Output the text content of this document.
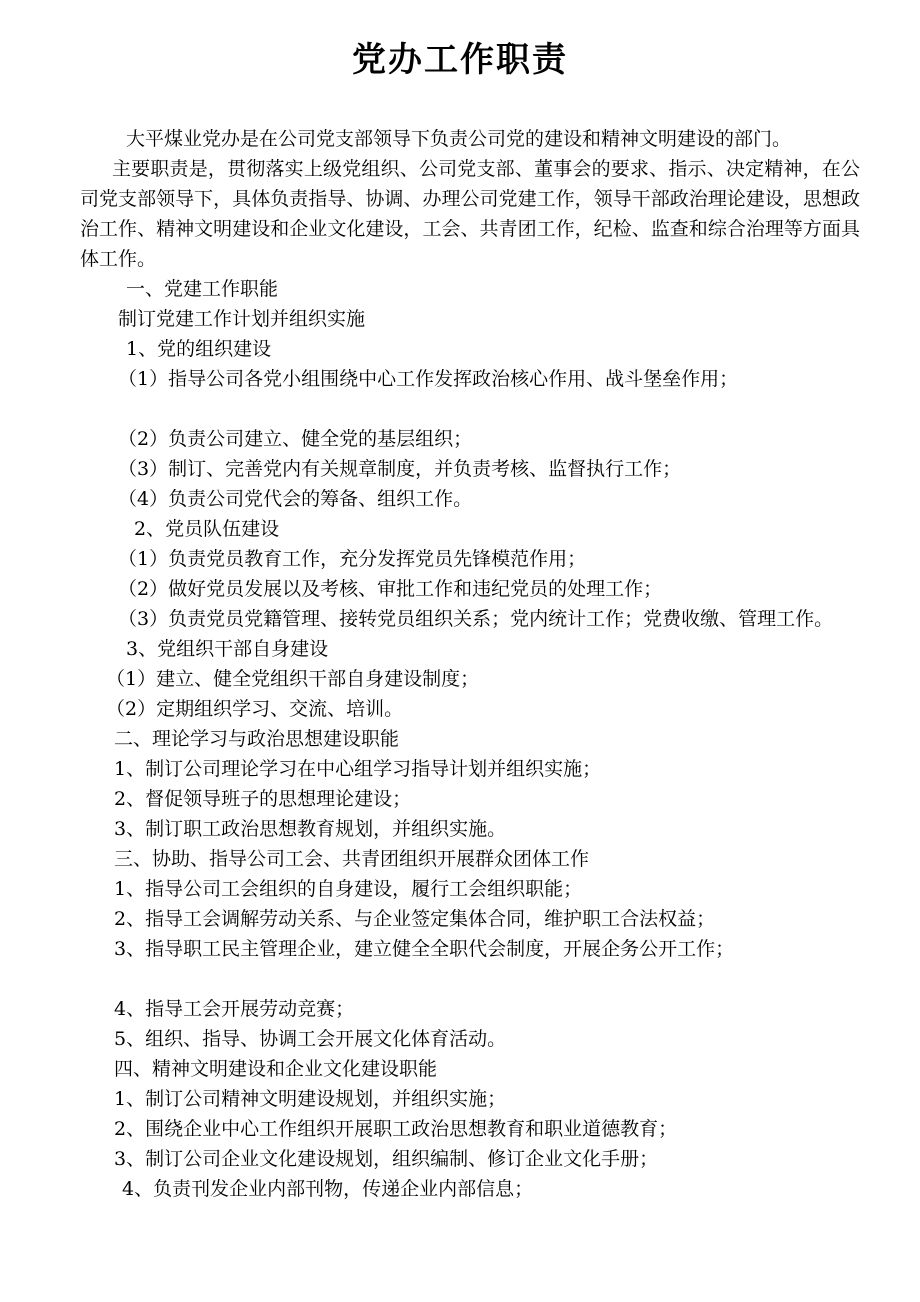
党办工作职责
大平煤业党办是在公司党支部领导下负责公司党的建设和精神文明建设的部门。
主要职责是，贯彻落实上级党组织、公司党支部、董事会的要求、指示、决定精神，在公司党支部领导下，具体负责指导、协调、办理公司党建工作，领导干部政治理论建设，思想政治工作、精神文明建设和企业文化建设，工会、共青团工作，纪检、监查和综合治理等方面具体工作。
一、党建工作职能
制订党建工作计划并组织实施
1、党的组织建设
（1）指导公司各党小组围绕中心工作发挥政治核心作用、战斗堡垒作用；
（2）负责公司建立、健全党的基层组织；
（3）制订、完善党内有关规章制度，并负责考核、监督执行工作；
（4）负责公司党代会的筹备、组织工作。
2、党员队伍建设
（1）负责党员教育工作，充分发挥党员先锋模范作用；
（2）做好党员发展以及考核、审批工作和违纪党员的处理工作；
（3）负责党员党籍管理、接转党员组织关系；党内统计工作；党费收缴、管理工作。
3、党组织干部自身建设
（1）建立、健全党组织干部自身建设制度；
（2）定期组织学习、交流、培训。
二、理论学习与政治思想建设职能
1、制订公司理论学习在中心组学习指导计划并组织实施；
2、督促领导班子的思想理论建设；
3、制订职工政治思想教育规划，并组织实施。
三、协助、指导公司工会、共青团组织开展群众团体工作
1、指导公司工会组织的自身建设，履行工会组织职能；
2、指导工会调解劳动关系、与企业签定集体合同，维护职工合法权益；
3、指导职工民主管理企业，建立健全全职代会制度，开展企务公开工作；
4、指导工会开展劳动竞赛；
5、组织、指导、协调工会开展文化体育活动。
四、精神文明建设和企业文化建设职能
1、制订公司精神文明建设规划，并组织实施；
2、围绕企业中心工作组织开展职工政治思想教育和职业道德教育；
3、制订公司企业文化建设规划，组织编制、修订企业文化手册；
4、负责刊发企业内部刊物，传递企业内部信息；
